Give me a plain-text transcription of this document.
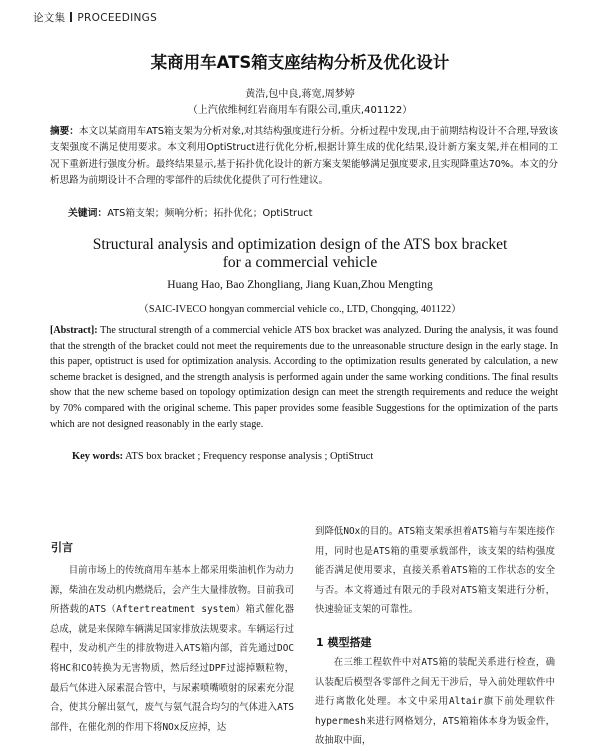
论文集 PROCEEDINGS
某商用车ATS箱支座结构分析及优化设计
黄浩,包中良,蒋宽,周梦婷
（上汽依维柯红岩商用车有限公司,重庆,401122）
摘要：本文以某商用车ATS箱支架为分析对象,对其结构强度进行分析。分析过程中发现,由于前期结构设计不合理,导致该支架强度不满足使用要求。本文利用OptiStruct进行优化分析,根据计算生成的优化结果,设计新方案支架,并在相同的工况下重新进行强度分析。最终结果显示,基于拓扑优化设计的新方案支架能够满足强度要求,且实现降重达70%。本文的分析思路为前期设计不合理的零部件的后续优化提供了可行性建议。
关键词：ATS箱支架；频响分析；拓扑优化；OptiStruct
Structural analysis and optimization design of the ATS box bracket
for a commercial vehicle
Huang Hao, Bao Zhongliang, Jiang Kuan,Zhou Mengting
（SAIC-IVECO hongyan commercial vehicle co., LTD, Chongqing, 401122）
[Abstract]: The structural strength of a commercial vehicle ATS box bracket was analyzed. During the analysis, it was found that the strength of the bracket could not meet the requirements due to the unreasonable structure design in the early stage. In this paper, optistruct is used for optimization analysis. According to the optimization results generated by calculation, a new scheme bracket is designed, and the strength analysis is performed again under the same working conditions. The final results show that the new scheme based on topology optimization design can meet the strength requirements and reduce the weight by 70% compared with the original scheme. This paper provides some feasible Suggestions for the optimization of the parts which are not designed reasonably in the early stage.
Key words: ATS box bracket ; Frequency response analysis ; OptiStruct
引言

目前市场上的传统商用车基本上都采用柴油机作为动力源，柴油在发动机内燃烧后，会产生大量排放物。目前我司所搭载的ATS（Aftertreatment system）箱式催化器总成，就是来保障车辆满足国家排放法规要求。车辆运行过程中，发动机产生的排放物进入ATS箱内部，首先通过DOC将HC和CO转换为无害物质，然后经过DPF过滤掉颗粒物，最后气体进入尿素混合管中，与尿素喷嘴喷射的尿素充分混合，使其分解出氨气，废气与氨气混合均匀的气体进入ATS部件，在催化剂的作用下将NOx反应掉，达

到降低NOx的目的。ATS箱支架承担着ATS箱与车架连接作用，同时也是ATS箱的重要承载部件，该支架的结构强度能否满足使用要求，直接关系着ATS箱的工作状态的安全与否。本文将通过有限元的手段对ATS箱支架进行分析，快速验证支架的可靠性。

1 模型搭建

在三维工程软件中对ATS箱的装配关系进行检查，确认装配后模型各零部件之间无干涉后，导入前处理软件中进行离散化处理。本文中采用Altair旗下前处理软件hypermesh来进行网格划分，ATS箱箱体本身为钣金件，故抽取中面，
